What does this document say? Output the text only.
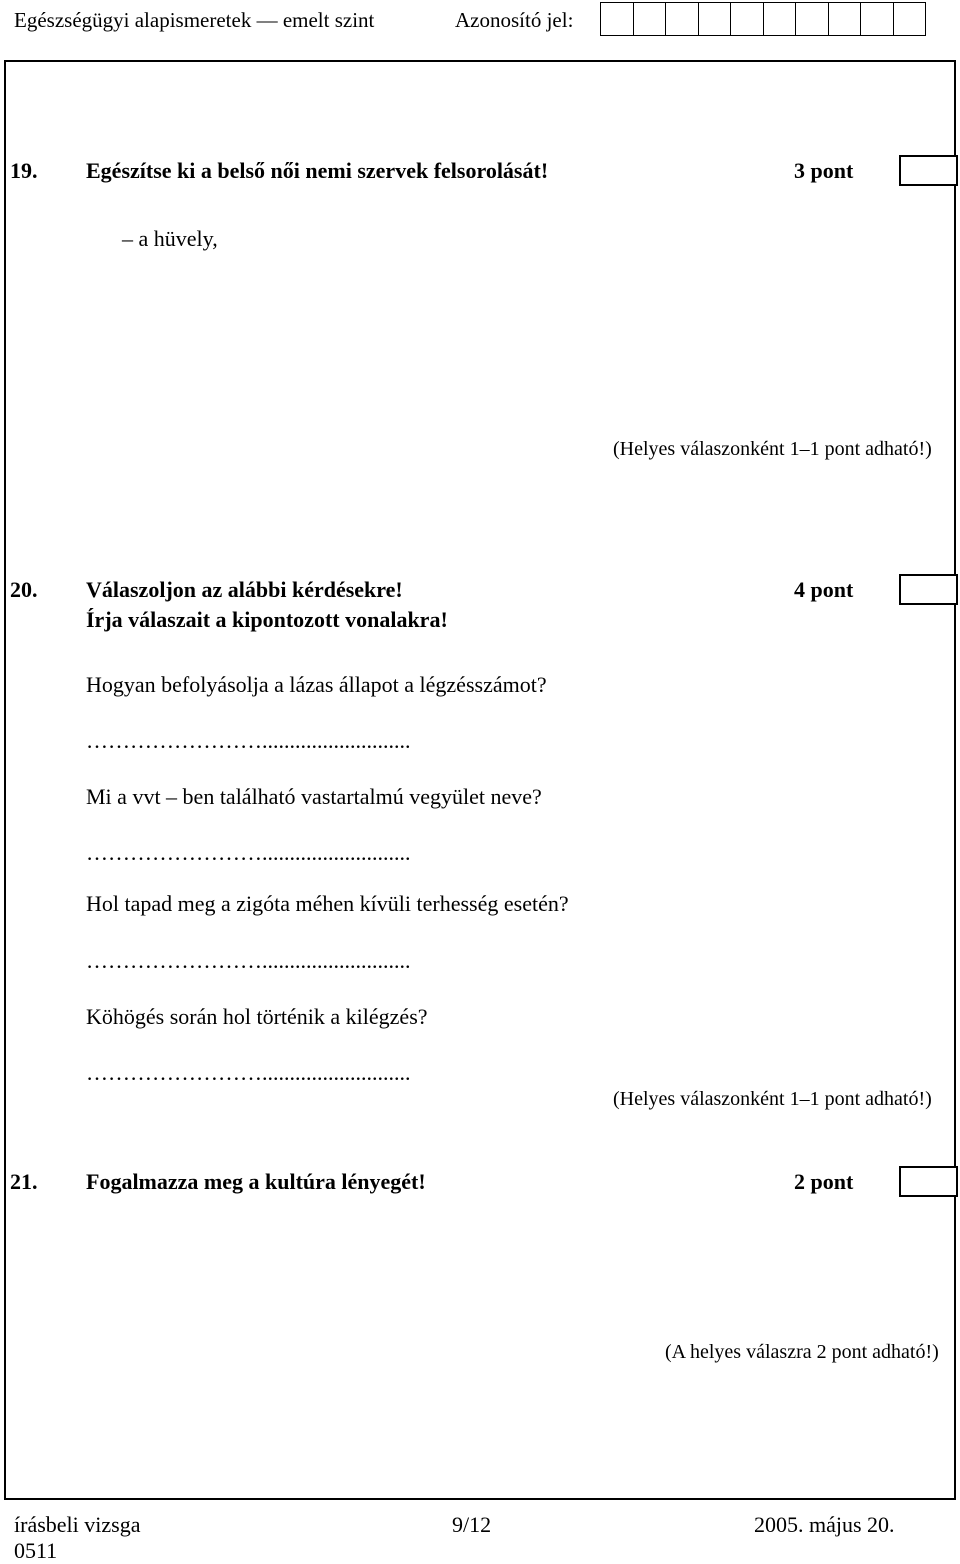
Egészségügyi alapismeretek — emelt szint	Azonosító jel:
19. Egészítse ki a belső női nemi szervek felsorolását!	3 pont
– a hüvely,
(Helyes válaszonként 1–1 pont adható!)
20. Válaszoljon az alábbi kérdésekre!	4 pont
Írja válaszait a kipontozott vonalakra!
Hogyan befolyásolja a lázas állapot a légzésszámot?
……………………...........................
Mi a vvt – ben található vastartalmú vegyület neve?
……………………...........................
Hol tapad meg a zigóta méhen kívüli terhesség esetén?
……………………...........................
Köhögés során hol történik a kilégzés?
……………………...........................
(Helyes válaszonként 1–1 pont adható!)
21. Fogalmazza meg a kultúra lényegét!	2 pont
(A helyes válaszra 2 pont adható!)
írásbeli vizsga
0511
9/12	2005. május 20.
